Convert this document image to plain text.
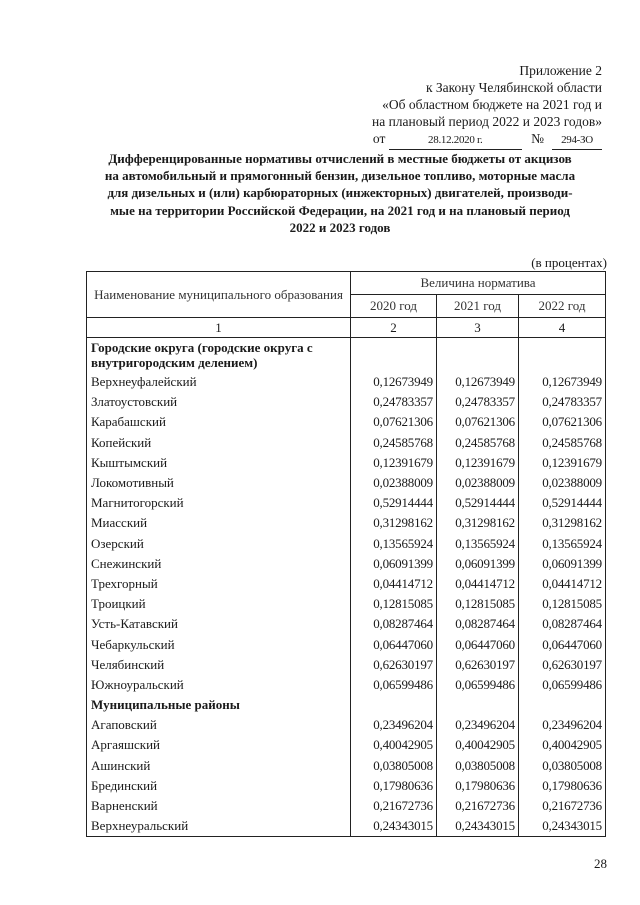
Приложение 2
к Закону Челябинской области
«Об областном бюджете на 2021 год и
на плановый период 2022 и 2023 годов»
от	28.12.2020 г.	№ 294-ЗО
Дифференцированные нормативы отчислений в местные бюджеты от акцизов
на автомобильный и прямогонный бензин, дизельное топливо, моторные масла
для дизельных и (или) карбюраторных (инжекторных) двигателей, производи-
мые на территории Российской Федерации, на 2021 год и на плановый период
2022 и 2023 годов
(в процентах)
Наименование муниципального образования	Величина норматива		
	2020 год	2021 год	2022 год
1	2	3	4
Городские округа (городские округа с внутригородским делением)			
Верхнеуфалейский	0,12673949	0,12673949	0,12673949
Златоустовский	0,24783357	0,24783357	0,24783357
Карабашский	0,07621306	0,07621306	0,07621306
Копейский	0,24585768	0,24585768	0,24585768
Кыштымский	0,12391679	0,12391679	0,12391679
Локомотивный	0,02388009	0,02388009	0,02388009
Магнитогорский	0,52914444	0,52914444	0,52914444
Миасский	0,31298162	0,31298162	0,31298162
Озерский	0,13565924	0,13565924	0,13565924
Снежинский	0,06091399	0,06091399	0,06091399
Трехгорный	0,04414712	0,04414712	0,04414712
Троицкий	0,12815085	0,12815085	0,12815085
Усть-Катавский	0,08287464	0,08287464	0,08287464
Чебаркульский	0,06447060	0,06447060	0,06447060
Челябинский	0,62630197	0,62630197	0,62630197
Южноуральский	0,06599486	0,06599486	0,06599486
Муниципальные районы			
Агаповский	0,23496204	0,23496204	0,23496204
Аргаяшский	0,40042905	0,40042905	0,40042905
Ашинский	0,03805008	0,03805008	0,03805008
Брединский	0,17980636	0,17980636	0,17980636
Варненский	0,21672736	0,21672736	0,21672736
Верхнеуральский	0,24343015	0,24343015	0,24343015
28
